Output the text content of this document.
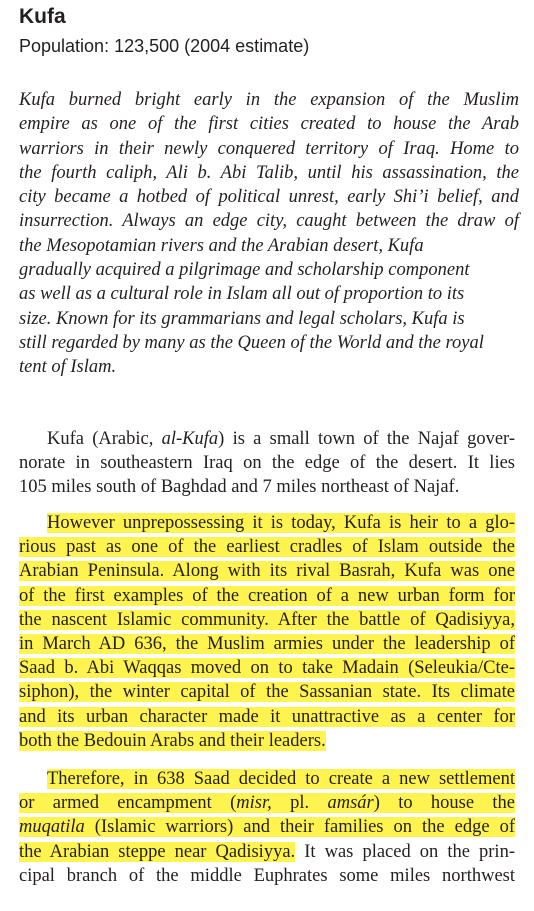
Kufa

Population: 123,500 (2004 estimate)

Kufa burned bright early in the expansion of the Muslim
empire as one of the first cities created to house the Arab
warriors in their newly conquered territory of Iraq. Home to
the fourth caliph, Ali b. Abi Talib, until his assassination, the
city became a hotbed of political unrest, early Shi’i belief, and
insurrection. Always an edge city, caught between the draw of
the Mesopotamian rivers and the Arabian desert, Kufa
gradually acquired a pilgrimage and scholarship component
as well as a cultural role in Islam all out of proportion to its
size. Known for its grammarians and legal scholars, Kufa is
still regarded by many as the Queen of the World and the royal
tent of Islam.
Kufa (Arabic, al-Kufa) is a small town of the Najaf gover-
norate in southeastern Iraq on the edge of the desert. It lies
105 miles south of Baghdad and 7 miles northeast of Najaf.
However unprepossessing it is today, Kufa is heir to a glo-
rious past as one of the earliest cradles of Islam outside the
Arabian Peninsula. Along with its rival Basrah, Kufa was one
of the first examples of the creation of a new urban form for
the nascent Islamic community. After the battle of Qadisiyya,
in March AD 636, the Muslim armies under the leadership of
Saad b. Abi Waqqas moved on to take Madain (Seleukia/Cte-
siphon), the winter capital of the Sassanian state. Its climate
and its urban character made it unattractive as a center for
both the Bedouin Arabs and their leaders.
Therefore, in 638 Saad decided to create a new settlement
or armed encampment (misr, pl. amsár) to house the
muqatila (Islamic warriors) and their families on the edge of
the Arabian steppe near Qadisiyya. It was placed on the prin-
cipal branch of the middle Euphrates some miles northwest
